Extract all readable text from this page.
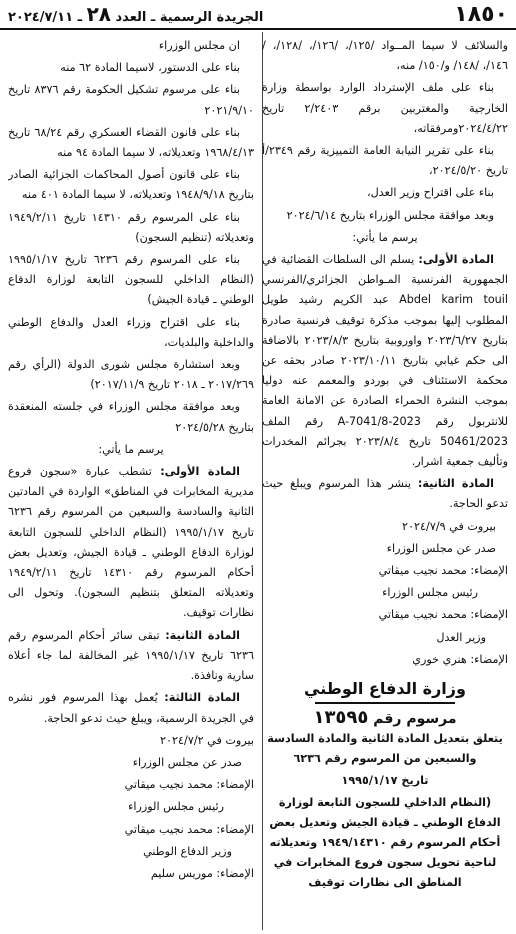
١٨٥٠
الجريدة الرسمية ـ العدد ٢٨ ـ ٢٠٢٤/٧/١١

والسلائف لا سيما المــواد /١٢٥/، /١٢٦/، /١٢٨/، /١٤٦/، /١٤٨/ و/١٥٠/ منه،

بناء على ملف الإسترداد الوارد بواسطة وزارة الخارجية والمغتربين برقم ٢/٢٤٠٣ تاريخ ٢٠٢٤/٤/٢٢ومرفقاته،

بناء على تقرير النيابة العامة التمييزية رقم ٢٣٤٩/أ تاريخ ٢٠٢٤/٥/٢٠،

بناء على اقتراح وزير العدل،

وبعد موافقة مجلس الوزراء بتاريخ ٢٠٢٤/٦/١٤

يرسم ما يأتي:

المادة الأولى: يسلم الى السلطات القضائية في الجمهورية الفرنسية المـواطن الجزائري/الفرنسي Abdel karim touil عبد الكريم رشيد طويل المطلوب إليها بموجب مذكرة توقيف فرنسية صادرة بتاريخ ٢٠٢٣/٦/٢٧ واوروبية بتاريخ ٢٠٢٣/٨/٣ بالاضافة الى حكم غيابي بتاريخ ٢٠٢٣/١٠/١١ صادر بحقه عن محكمة الاستئناف في بوردو والمعمم عنه دوليا بموجب النشرة الحمراء الصادرة عن الامانة العامة للانتربول رقم A-7041/8-2023 رقم الملف 50461/2023 تاريخ ٢٠٢٣/٨/٤ بجرائم المخدرات وتأليف جمعية اشرار.

المادة الثانية: ينشر هذا المرسوم ويبلغ حيث تدعو الحاجة.

بيروت في ٢٠٢٤/٧/٩

صدر عن مجلس الوزراء

الإمضاء: محمد نجيب ميقاتي

رئيس مجلس الوزراء

الإمضاء: محمد نجيب ميقاتي

وزير العدل

الإمضاء: هنري خوري

وزارة الدفاع الوطني
مرسوم رقم ١٣٥٩٥

يتعلق بتعديل المادة الثانية والمادة السادسة والسبعين من المرسوم رقم ٦٢٣٦

تاريخ ١٩٩٥/١/١٧

(النظام الداخلي للسجون التابعة لوزارة الدفاع الوطني ـ قيادة الجيش وتعديل بعض أحكام المرسوم رقم ١٩٤٩/١٤٣١٠ وتعديلاته لناحية تحويل سجون فروع المخابرات في المناطق الى نظارات توقيف

ان مجلس الوزراء

بناء على الدستور، لاسيما المادة ٦٢ منه

بناء على مرسوم تشكيل الحكومة رقم ٨٣٧٦ تاريخ ٢٠٢١/٩/١٠

بناء على قانون القضاء العسكري رقم ٦٨/٢٤ تاريخ ١٩٦٨/٤/١٣ وتعديلاته، لا سيما المادة ٩٤ منه

بناء على قانون أصول المحاكمات الجزائية الصادر بتاريخ ١٩٤٨/٩/١٨ وتعديلاته، لا سيما المادة ٤٠١ منه

بناء على المرسوم رقم ١٤٣١٠ تاريخ ١٩٤٩/٢/١١ وتعديلاته (تنظيم السجون)

بناء على المرسوم رقم ٦٢٣٦ تاريخ ١٩٩٥/١/١٧ (النظام الداخلي للسجون التابعة لوزارة الدفاع الوطني ـ قيادة الجيش)

بناء على اقتراح وزراء العدل والدفاع الوطني والداخلية والبلديات،

وبعد استشارة مجلس شورى الدولة (الرأي رقم ٢٠١٧/٢٦٩ ـ ٢٠١٨ تاريخ ٢٠١٧/١١/٩)

وبعد موافقة مجلس الوزراء في جلسته المنعقدة بتاريخ ٢٠٢٤/٥/٢٨

يرسم ما يأتي:

المادة الأولى: تشطب عبارة «سجون فروع مديرية المخابرات في المناطق» الواردة في المادتين الثانية والسادسة والسبعين من المرسوم رقم ٦٢٣٦ تاريخ ١٩٩٥/١/١٧ (النظام الداخلي للسجون التابعة لوزارة الدفاع الوطني ـ قيادة الجيش، وتعديل بعض أحكام المرسوم رقم ١٤٣١٠ تاريخ ١٩٤٩/٢/١١ وتعديلاته المتعلق بتنظيم السجون). وتحول الى نظارات توقيف.

المادة الثانية: تبقى سائر أحكام المرسوم رقم ٦٢٣٦ تاريخ ١٩٩٥/١/١٧ غير المخالفة لما جاء أعلاه سارية ونافذة.

المادة الثالثة: يُعمل بهذا المرسوم فور نشره في الجريدة الرسمية، ويبلغ حيث تدعو الحاجة.

بيروت في ٢٠٢٤/٧/٢

صدر عن مجلس الوزراء

الإمضاء: محمد نجيب ميقاتي

رئيس مجلس الوزراء

الإمضاء: محمد نجيب ميقاتي

وزير الدفاع الوطني

الإمضاء: موريس سليم
